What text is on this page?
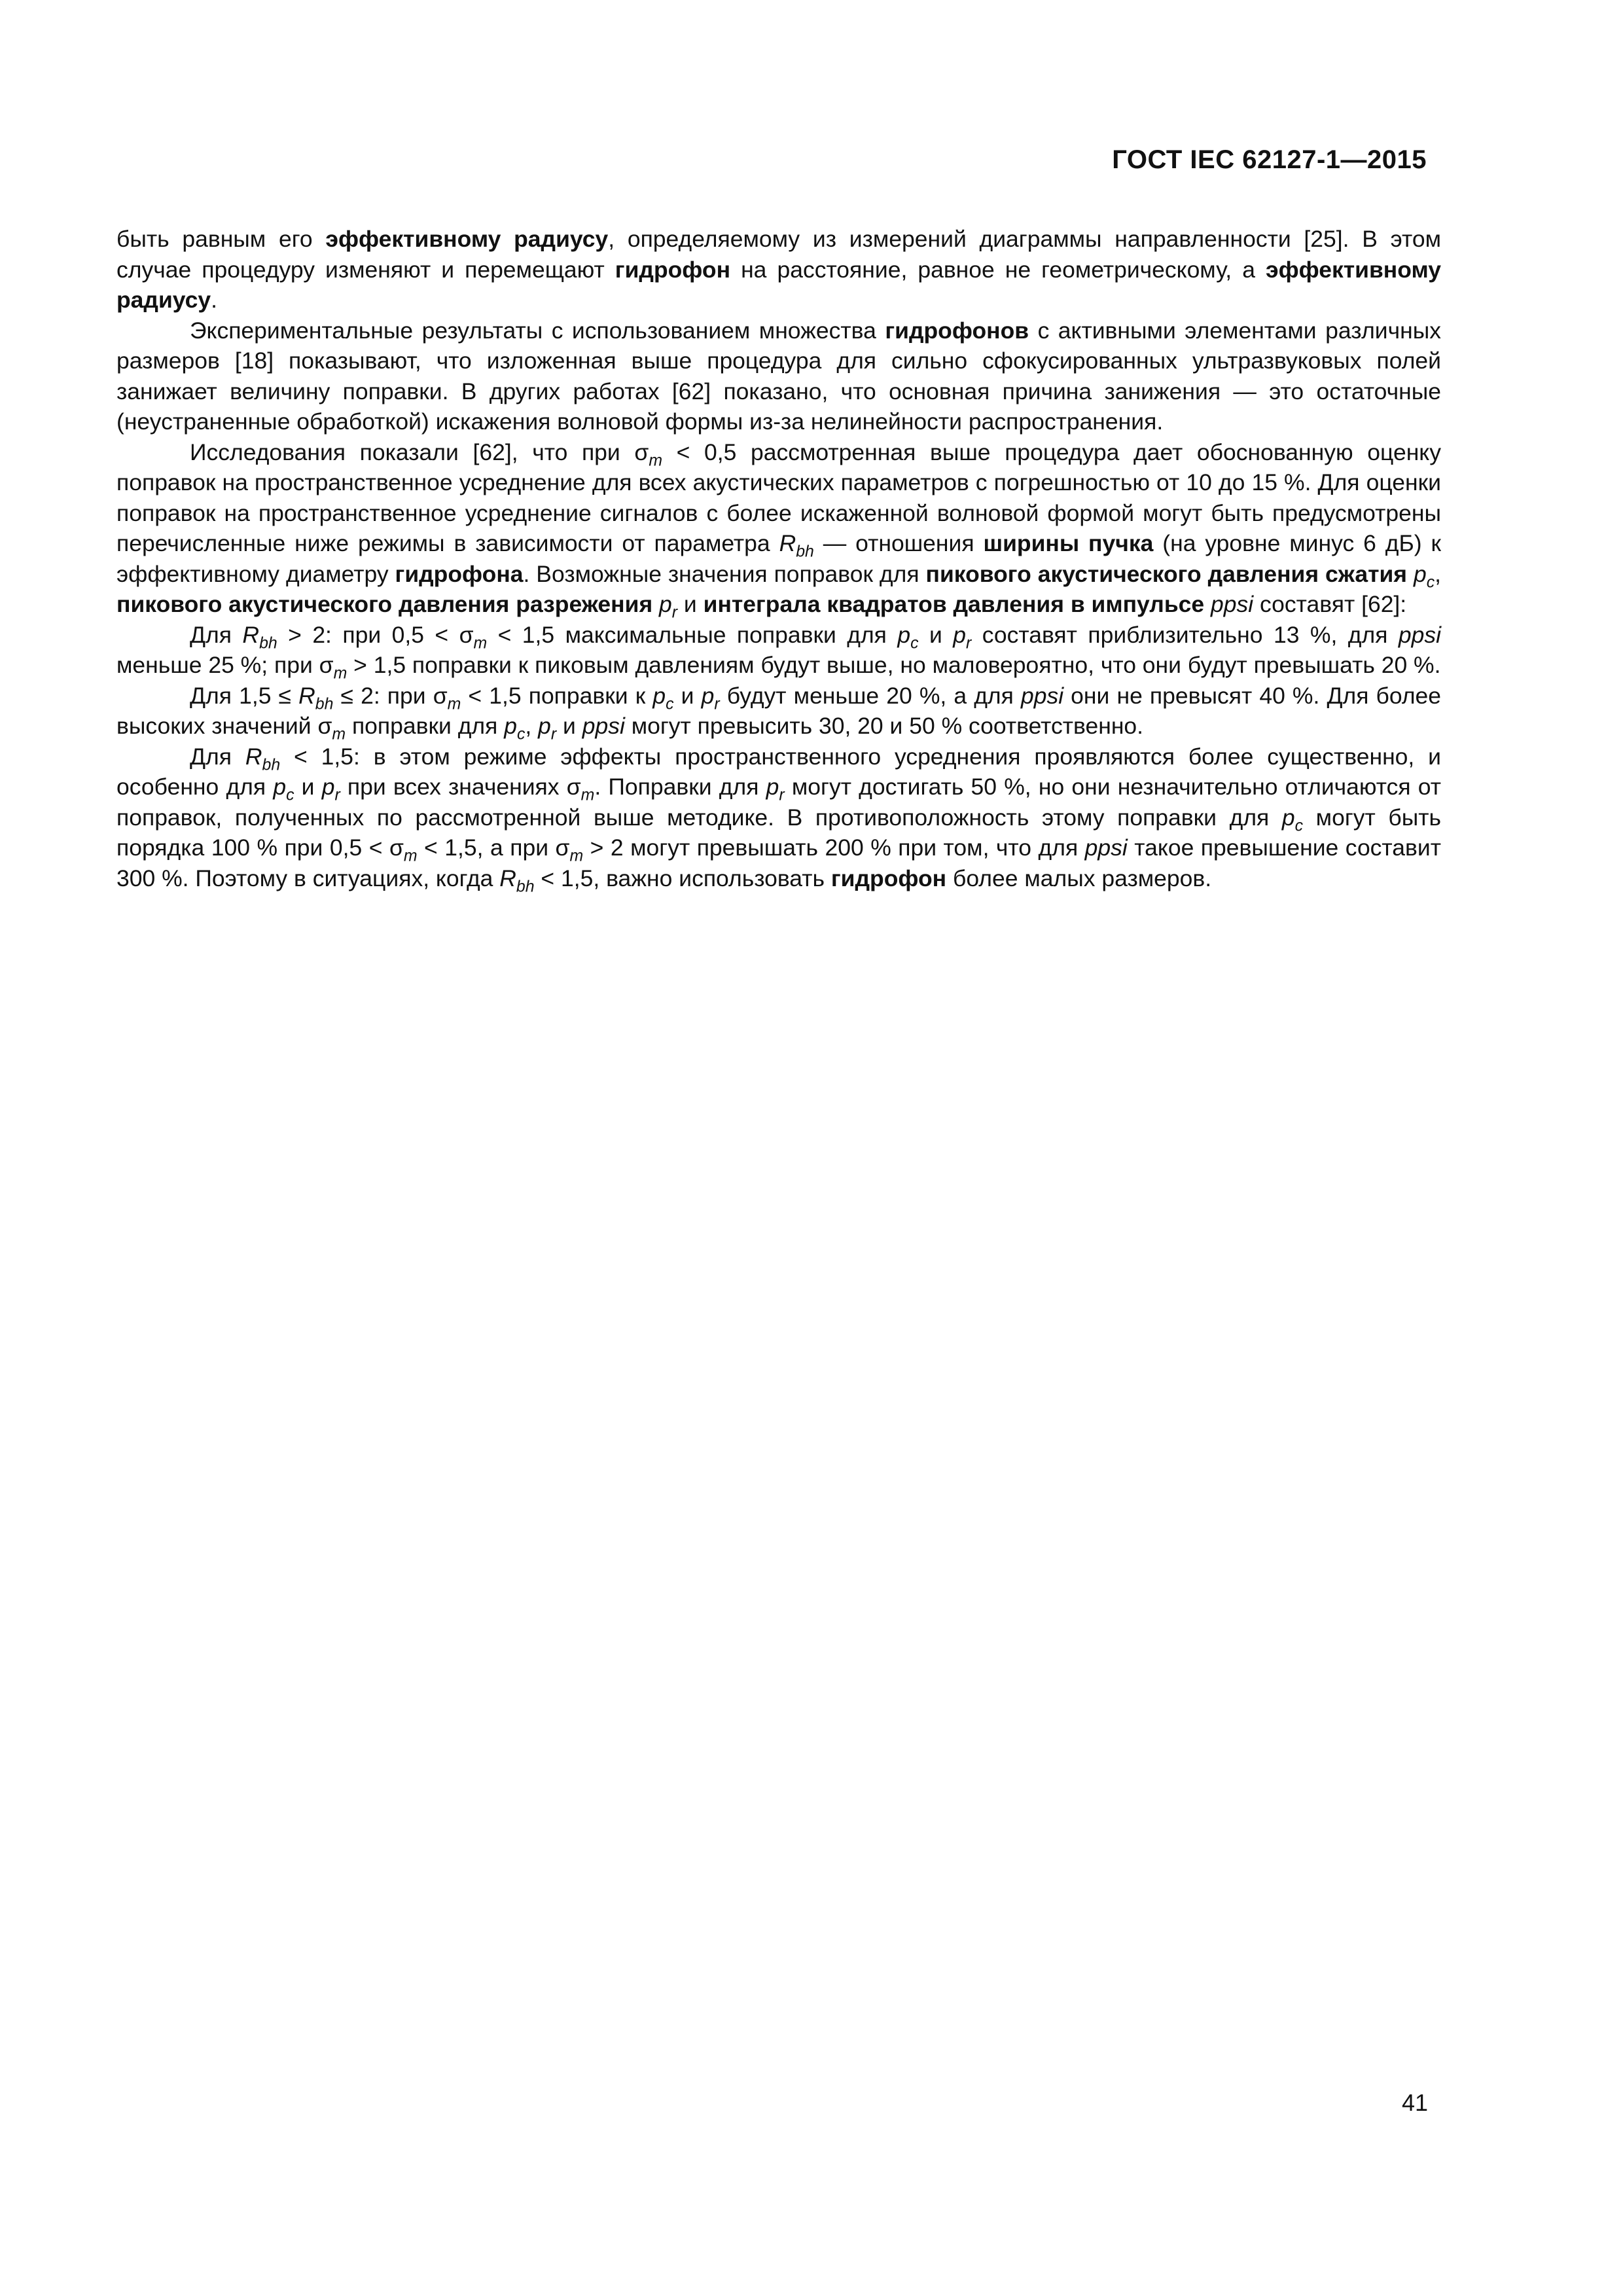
ГОСТ IEC 62127-1—2015

быть равным его эффективному радиусу, определяемому из измерений диаграммы направленности [25]. В этом случае процедуру изменяют и перемещают гидрофон на расстояние, равное не геометрическому, а эффективному радиусу.

Экспериментальные результаты с использованием множества гидрофонов с активными элементами различных размеров [18] показывают, что изложенная выше процедура для сильно сфокусированных ультразвуковых полей занижает величину поправки. В других работах [62] показано, что основная причина занижения — это остаточные (неустраненные обработкой) искажения волновой формы из-за нелинейности распространения.

Исследования показали [62], что при $\sigma_m < 0,5$ рассмотренная выше процедура дает обоснованную оценку поправок на пространственное усреднение для всех акустических параметров с погрешностью от 10 до 15 %. Для оценки поправок на пространственное усреднение сигналов с более искаженной волновой формой могут быть предусмотрены перечисленные ниже режимы в зависимости от параметра $R_{bh}$ — отношения ширины пучка (на уровне минус 6 дБ) к эффективному диаметру гидрофона. Возможные значения поправок для пикового акустического давления сжатия $p_c$, пикового акустического давления разрежения $p_r$ и интеграла квадратов давления в импульсе ppsi составят [62]:

Для $R_{bh} > 2$: при $0,5 < \sigma_m < 1,5$ максимальные поправки для $p_c$ и $p_r$ составят приблизительно 13 %, для ppsi меньше 25 %; при $\sigma_m > 1,5$ поправки к пиковым давлениям будут выше, но маловероятно, что они будут превышать 20 %.

Для $1,5 \le R_{bh} \le 2$: при $\sigma_m < 1,5$ поправки к $p_c$ и $p_r$ будут меньше 20 %, а для ppsi они не превысят 40 %. Для более высоких значений $\sigma_m$ поправки для $p_c$, $p_r$ и ppsi могут превысить 30, 20 и 50 % соответственно.

Для $R_{bh} < 1,5$: в этом режиме эффекты пространственного усреднения проявляются более существенно, и особенно для $p_c$ и $p_r$ при всех значениях $\sigma_m$. Поправки для $p_r$ могут достигать 50 %, но они незначительно отличаются от поправок, полученных по рассмотренной выше методике. В противоположность этому поправки для $p_c$ могут быть порядка 100 % при $0,5 < \sigma_m < 1,5$, а при $\sigma_m > 2$ могут превышать 200 % при том, что для ppsi такое превышение составит 300 %. Поэтому в ситуациях, когда $R_{bh} < 1,5$, важно использовать гидрофон более малых размеров.

41
